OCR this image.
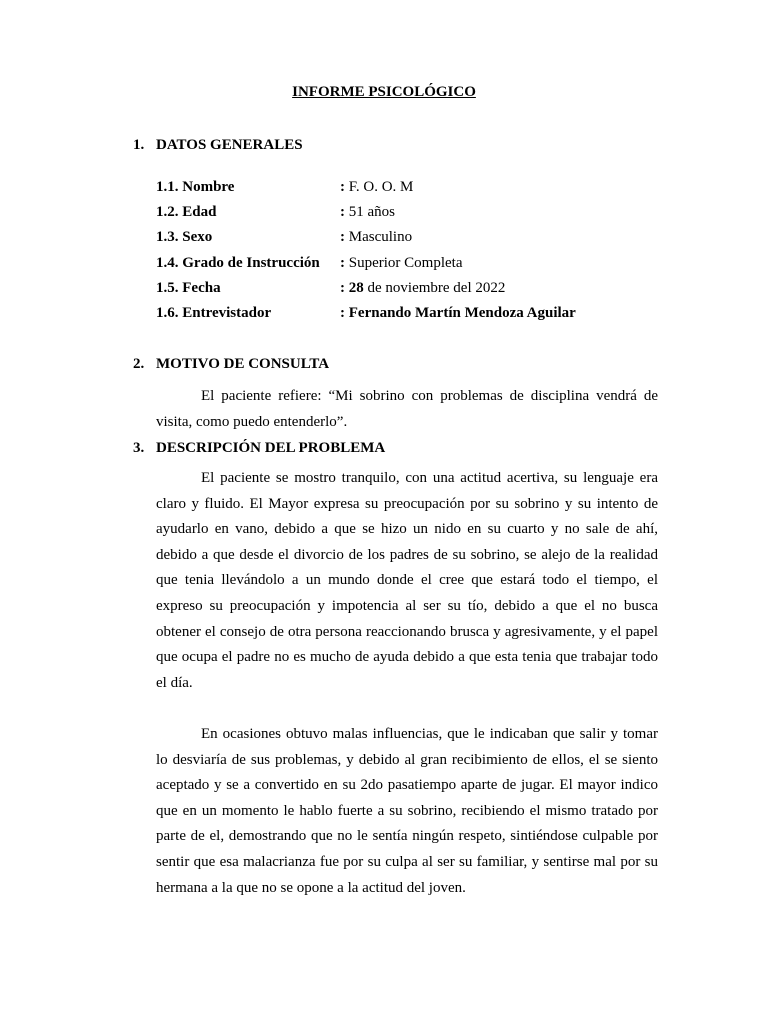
INFORME PSICOLÓGICO
1. DATOS GENERALES
1.1. Nombre	: F. O. O. M
1.2. Edad	: 51 años
1.3. Sexo	: Masculino
1.4. Grado de Instrucción : Superior Completa
1.5. Fecha	: 28 de noviembre del 2022
1.6. Entrevistador	: Fernando Martín Mendoza Aguilar
2. MOTIVO DE CONSULTA

El paciente refiere: “Mi sobrino con problemas de disciplina vendrá de visita, como puedo entenderlo”.

3. DESCRIPCIÓN DEL PROBLEMA

El paciente se mostro tranquilo, con una actitud acertiva, su lenguaje era claro y fluido. El Mayor expresa su preocupación por su sobrino y su intento de ayudarlo en vano, debido a que se hizo un nido en su cuarto y no sale de ahí, debido a que desde el divorcio de los padres de su sobrino, se alejo de la realidad que tenia llevándolo a un mundo donde el cree que estará todo el tiempo, el expreso su preocupación y impotencia al ser su tío, debido a que el no busca obtener el consejo de otra persona reaccionando brusca y agresivamente, y el papel que ocupa el padre no es mucho de ayuda debido a que esta tenia que trabajar todo el día.

En ocasiones obtuvo malas influencias, que le indicaban que salir y tomar lo desviaría de sus problemas, y debido al gran recibimiento de ellos, el se siento aceptado y se a convertido en su 2do pasatiempo aparte de jugar. El mayor indico que en un momento le hablo fuerte a su sobrino, recibiendo el mismo tratado por parte de el, demostrando que no le sentía ningún respeto, sintiéndose culpable por sentir que esa malacrianza fue por su culpa al ser su familiar, y sentirse mal por su hermana a la que no se opone a la actitud del joven.
